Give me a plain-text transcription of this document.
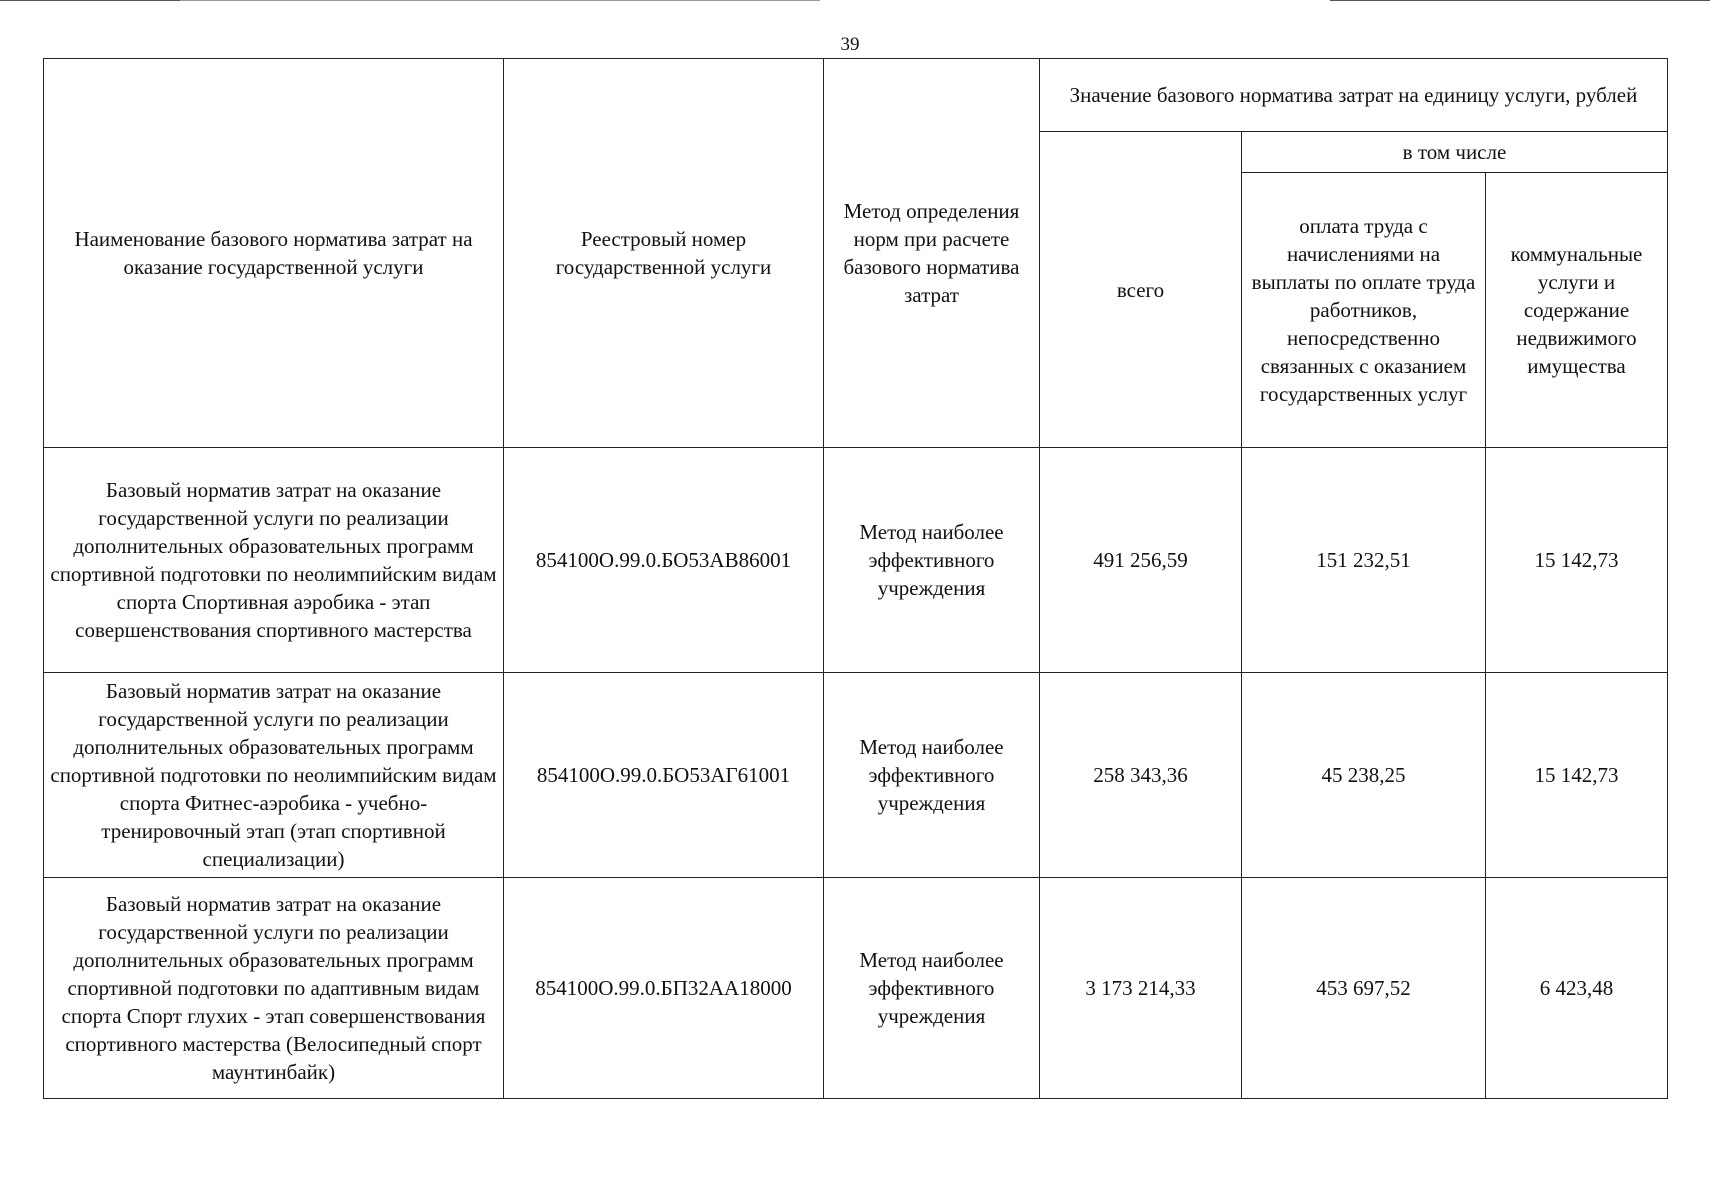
39
Наименование базового норматива затрат на оказание государственной услуги	Реестровый номер государственной услуги	Метод определения норм при расчете базового норматива затрат	Значение базового норматива затрат на единицу услуги, рублей		
			всего	в том числе	
				оплата труда с начислениями на выплаты по оплате труда работников, непосредственно связанных с оказанием государственных услуг	коммунальные услуги и содержание недвижимого имущества
Базовый норматив затрат на оказание государственной услуги по реализации дополнительных образовательных программ спортивной подготовки по неолимпийским видам спорта Спортивная аэробика - этап совершенствования спортивного мастерства	854100О.99.0.БО53АВ86001	Метод наиболее эффективного учреждения	491 256,59	151 232,51	15 142,73
Базовый норматив затрат на оказание государственной услуги по реализации дополнительных образовательных программ спортивной подготовки по неолимпийским видам спорта Фитнес-аэробика - учебно-тренировочный этап (этап спортивной специализации)	854100О.99.0.БО53АГ61001	Метод наиболее эффективного учреждения	258 343,36	45 238,25	15 142,73
Базовый норматив затрат на оказание государственной услуги по реализации дополнительных образовательных программ спортивной подготовки по адаптивным видам спорта Спорт глухих - этап совершенствования спортивного мастерства (Велосипедный спорт маунтинбайк)	854100О.99.0.БП32АА18000	Метод наиболее эффективного учреждения	3 173 214,33	453 697,52	6 423,48
